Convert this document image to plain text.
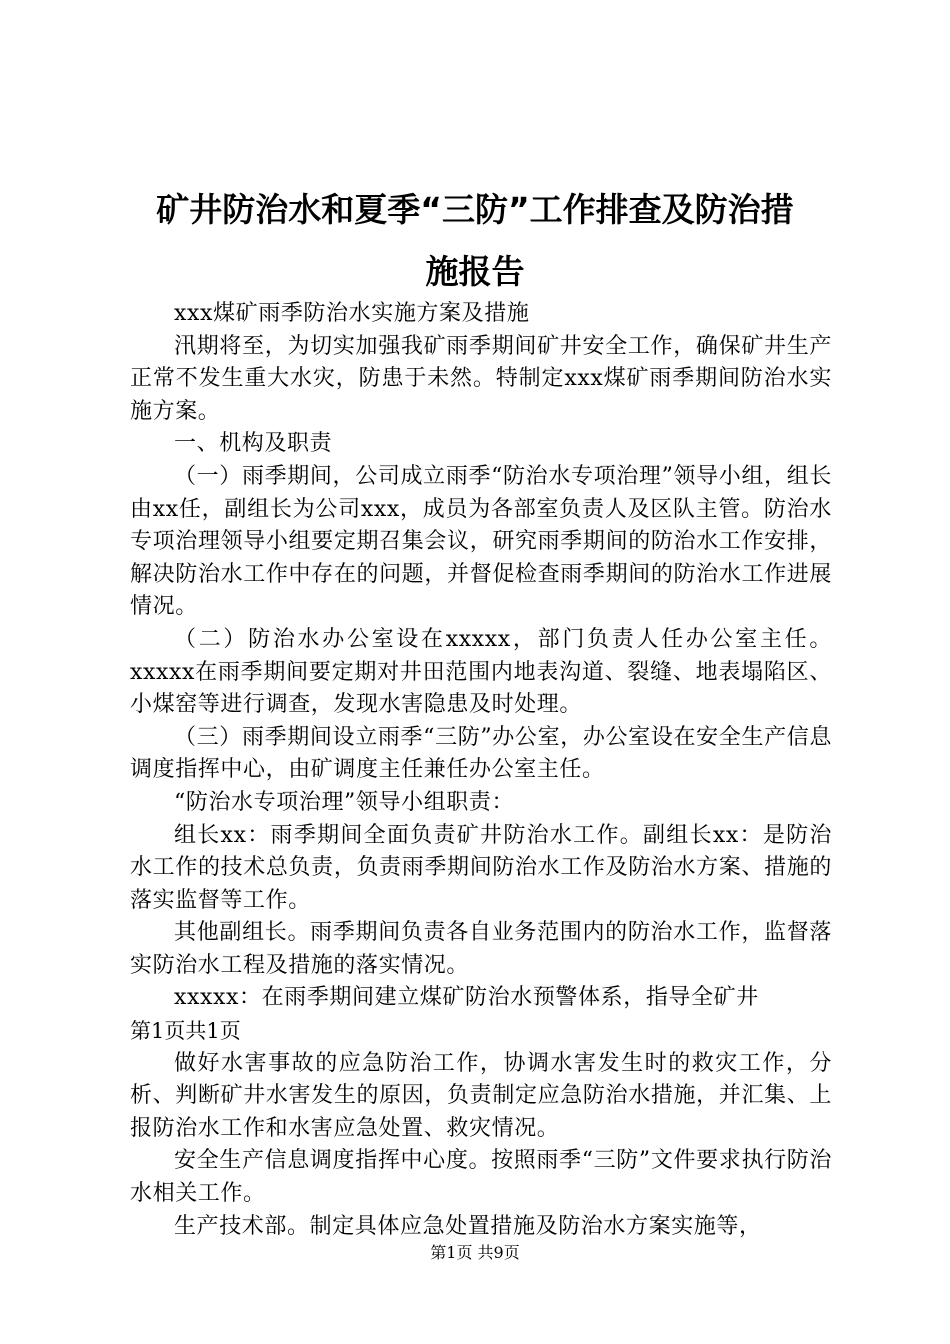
矿井防治水和夏季“三防”工作排查及防治措
施报告

xxx煤矿雨季防治水实施方案及措施

汛期将至，为切实加强我矿雨季期间矿井安全工作，确保矿井生产正常不发生重大水灾，防患于未然。特制定xxx煤矿雨季期间防治水实施方案。

一、机构及职责

（一）雨季期间，公司成立雨季“防治水专项治理”领导小组，组长由xx任，副组长为公司xxx，成员为各部室负责人及区队主管。防治水专项治理领导小组要定期召集会议，研究雨季期间的防治水工作安排，解决防治水工作中存在的问题，并督促检查雨季期间的防治水工作进展情况。

（二）防治水办公室设在xxxxx，部门负责人任办公室主任。xxxxx在雨季期间要定期对井田范围内地表沟道、裂缝、地表塌陷区、小煤窑等进行调查，发现水害隐患及时处理。

（三）雨季期间设立雨季“三防”办公室，办公室设在安全生产信息调度指挥中心，由矿调度主任兼任办公室主任。

“防治水专项治理”领导小组职责：

组长xx：雨季期间全面负责矿井防治水工作。副组长xx：是防治水工作的技术总负责，负责雨季期间防治水工作及防治水方案、措施的落实监督等工作。

其他副组长。雨季期间负责各自业务范围内的防治水工作，监督落实防治水工程及措施的落实情况。

xxxxx：在雨季期间建立煤矿防治水预警体系，指导全矿井

第1页共1页

做好水害事故的应急防治工作，协调水害发生时的救灾工作，分析、判断矿井水害发生的原因，负责制定应急防治水措施，并汇集、上报防治水工作和水害应急处置、救灾情况。

安全生产信息调度指挥中心度。按照雨季“三防”文件要求执行防治水相关工作。

生产技术部。制定具体应急处置措施及防治水方案实施等，

第1页 共9页
